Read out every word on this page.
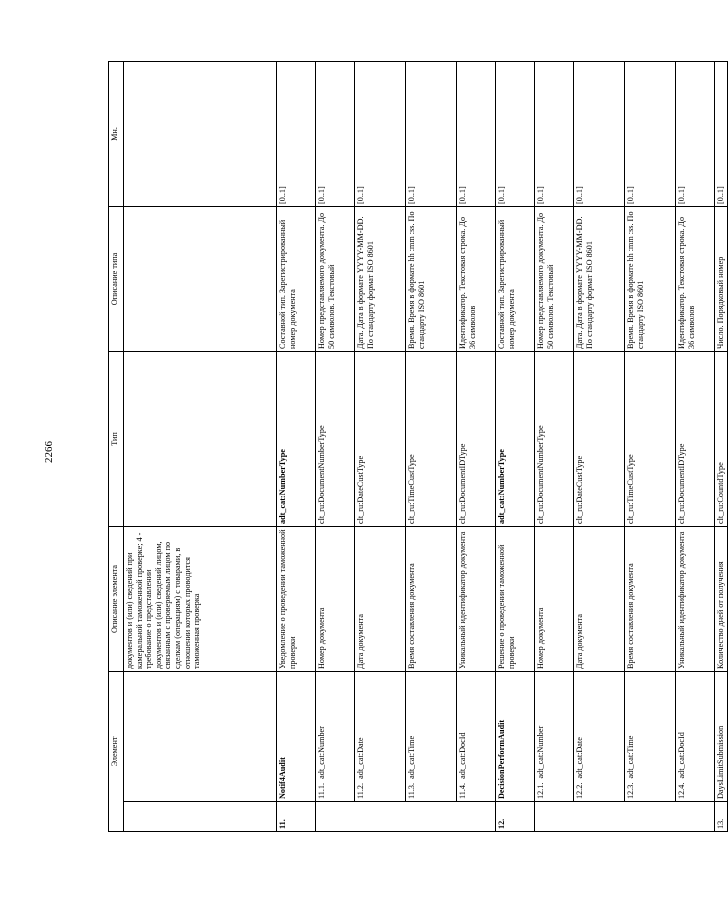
2266
Элемент		Описание элемента	Тип	Описание типа	Мн.
		документов и (или) сведений при камеральной таможенной проверке; 4 - требование о представлении документов и (или) сведений лицом, связанным с проверяемым лицом по сделкам (операциям) с товарами, в отношении которых проводится таможенная проверка			
11.	Notif4Audit	Уведомление о проведении таможенной проверки	adt_cat:NumberType	Составной тип. Зарегистрированный номер документа	[0..1]
	11.1.  adt_cat:Number	Номер документа	clt_ru:DocumentNumberType	Номер представляемого документа. До 50 символов. Текстовый	[0..1]
	11.2.  adt_cat:Date	Дата документа	clt_ru:DateCustType	Дата. Дата в формате YYYY-MM-DD. По стандарту формат ISO 8601	[0..1]
	11.3.  adt_cat:Time	Время составления документа	clt_ru:TimeCustType	Время. Время в формате hh :mm :ss. По стандарту ISO 8601	[0..1]
	11.4.  adt_cat:DocId	Уникальный идентификатор документа	clt_ru:DocumentIDType	Идентификатор. Текстовая строка. До 36 символов	[0..1]
12.	DecisionPerformAudit	Решение о проведении таможенной проверки	adt_cat:NumberType	Составной тип. Зарегистрированный номер документа	[0..1]
	12.1.  adt_cat:Number	Номер документа	clt_ru:DocumentNumberType	Номер представляемого документа. До 50 символов. Текстовый	[0..1]
	12.2.  adt_cat:Date	Дата документа	clt_ru:DateCustType	Дата. Дата в формате YYYY-MM-DD. По стандарту формат ISO 8601	[0..1]
	12.3.  adt_cat:Time	Время составления документа	clt_ru:TimeCustType	Время. Время в формате hh :mm :ss. По стандарту ISO 8601	[0..1]
	12.4.  adt_cat:DocId	Уникальный идентификатор документа	clt_ru:DocumentIDType	Идентификатор. Текстовая строка. До 36 символов	[0..1]
13.	DaysLimitSubmission	Количество дней от получения	clt_ru:CountdType	Число. Порядковый номер	[0..1]
